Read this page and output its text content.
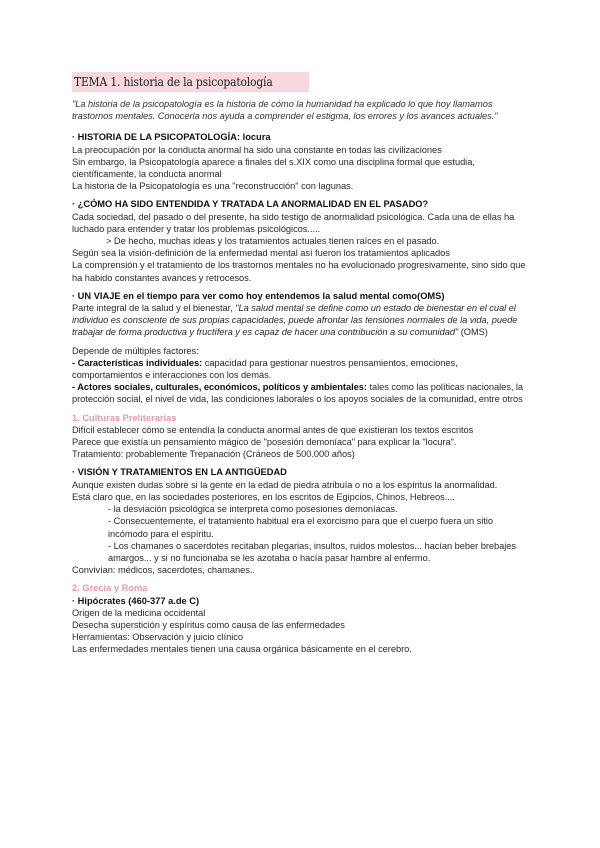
TEMA 1. historia de la psicopatología

"La historia de la psicopatología es la historia de cómo la humanidad ha explicado lo que hoy llamamos trastornos mentales. Conocerla nos ayuda a comprender el estigma, los errores y los avances actuales."

· HISTORIA DE LA PSICOPATOLOGÍA: locura

La preocupación por la conducta anormal ha sido una constante en todas las civilizaciones

Sin embargo, la Psicopatología aparece a finales del s.XIX como una disciplina formal que estudia, científicamente, la conducta anormal

La historia de la Psicopatología es una "reconstrucción" con lagunas.

· ¿CÓMO HA SIDO ENTENDIDA Y TRATADA LA ANORMALIDAD EN EL PASADO?

Cada sociedad, del pasado o del presente, ha sido testigo de anormalidad psicológica. Cada una de ellas ha luchado para entender y tratar los problemas psicológicos.....

> De hecho, muchas ideas y los tratamientos actuales tienen raíces en el pasado.

Según sea la visión-definición de la enfermedad mental así fueron los tratamientos aplicados

La comprensión y el tratamiento de los trastornos mentales no ha evolucionado progresivamente, sino sido que ha habido constantes avances y retrocesos.

· UN VIAJE en el tiempo para ver como hoy entendemos la salud mental como(OMS)

Parte integral de la salud y el bienestar, "La salud mental se define como un estado de bienestar en el cual el individuo es consciente de sus propias capacidades, puede afrontar las tensiones normales de la vida, puede trabajar de forma productiva y fructífera y es capaz de hacer una contribución a su comunidad" (OMS)

Depende de múltiples factores:

- Características individuales: capacidad para gestionar nuestros pensamientos, emociones, comportamientos e interacciones con los demás.

- Actores sociales, culturales, económicos, políticos y ambientales: tales como las políticas nacionales, la protección social, el nivel de vida, las condiciones laborales o los apoyos sociales de la comunidad, entre otros

1. Culturas Preliterarias

Difícil establecer cómo se entendía la conducta anormal antes de que existieran los textos escritos

Parece que existía un pensamiento mágico de "posesión demoníaca" para explicar la "locura".

Tratamiento: probablemente Trepanación (Cráneos de 500.000 años)

· VISIÓN Y TRATAMIENTOS EN LA ANTIGÜEDAD

Aunque existen dudas sobre si la gente en la edad de piedra atribuía o no a los espíritus la anormalidad.

Está claro que, en las sociedades posteriores, en los escritos de Egipcios, Chinos, Hebreos....

- la desviación psicológica se interpreta como posesiones demoníacas.

- Consecuentemente, el tratamiento habitual era el exorcismo para que el cuerpo fuera un sitio incómodo para el espíritu.

- Los chamanes o sacerdotes recitaban plegarias, insultos, ruidos molestos... hacían beber brebajes amargos... y si no funcionaba se les azotaba o hacía pasar hambre al enfermo.

Convivían: médicos, sacerdotes, chamanes..

2. Grecia y Roma

· Hipócrates (460-377 a.de C)

Origen de la medicina occidental

Desecha superstición y espíritus como causa de las enfermedades

Herramientas: Observación y juicio clínico

Las enfermedades mentales tienen una causa orgánica básicamente en el cerebro.
